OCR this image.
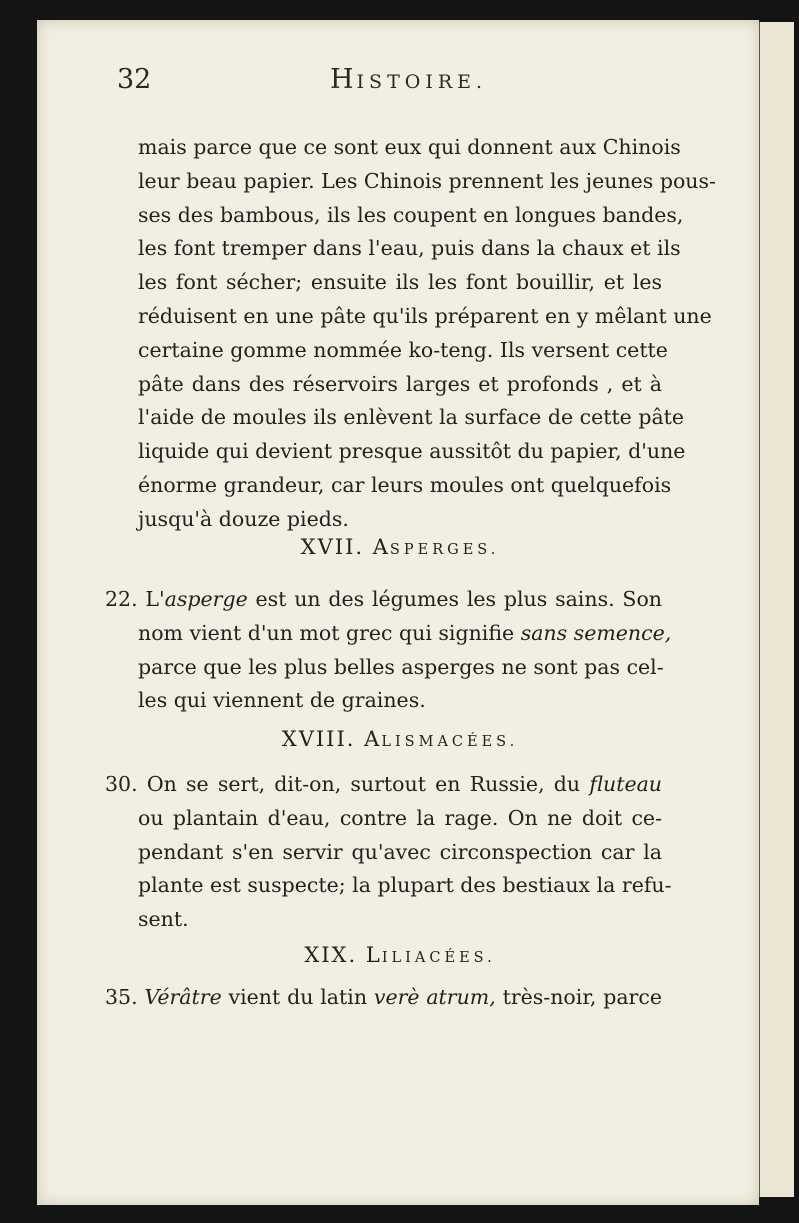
32	HISTOIRE.
mais parce que ce sont eux qui donnent aux Chinois
leur beau papier. Les Chinois prennent les jeunes pous-
ses des bambous, ils les coupent en longues bandes,
les font tremper dans l'eau, puis dans la chaux et ils
les font sécher; ensuite ils les font bouillir, et les
réduisent en une pâte qu'ils préparent en y mêlant une
certaine gomme nommée ko-teng. Ils versent cette
pâte dans des réservoirs larges et profonds , et à
l'aide de moules ils enlèvent la surface de cette pâte
liquide qui devient presque aussitôt du papier, d'une
énorme grandeur, car leurs moules ont quelquefois
jusqu'à douze pieds.
XVII. ASPERGES.
22. L'asperge est un des légumes les plus sains. Son
nom vient d'un mot grec qui signifie sans semence,
parce que les plus belles asperges ne sont pas cel-
les qui viennent de graines.
XVIII. ALISMACÉES.
30. On se sert, dit-on, surtout en Russie, du fluteau
ou plantain d'eau, contre la rage. On ne doit ce-
pendant s'en servir qu'avec circonspection car la
plante est suspecte; la plupart des bestiaux la refu-
sent.
XIX. LILIACÉES.
35. Vérâtre vient du latin verè atrum, très-noir, parce
